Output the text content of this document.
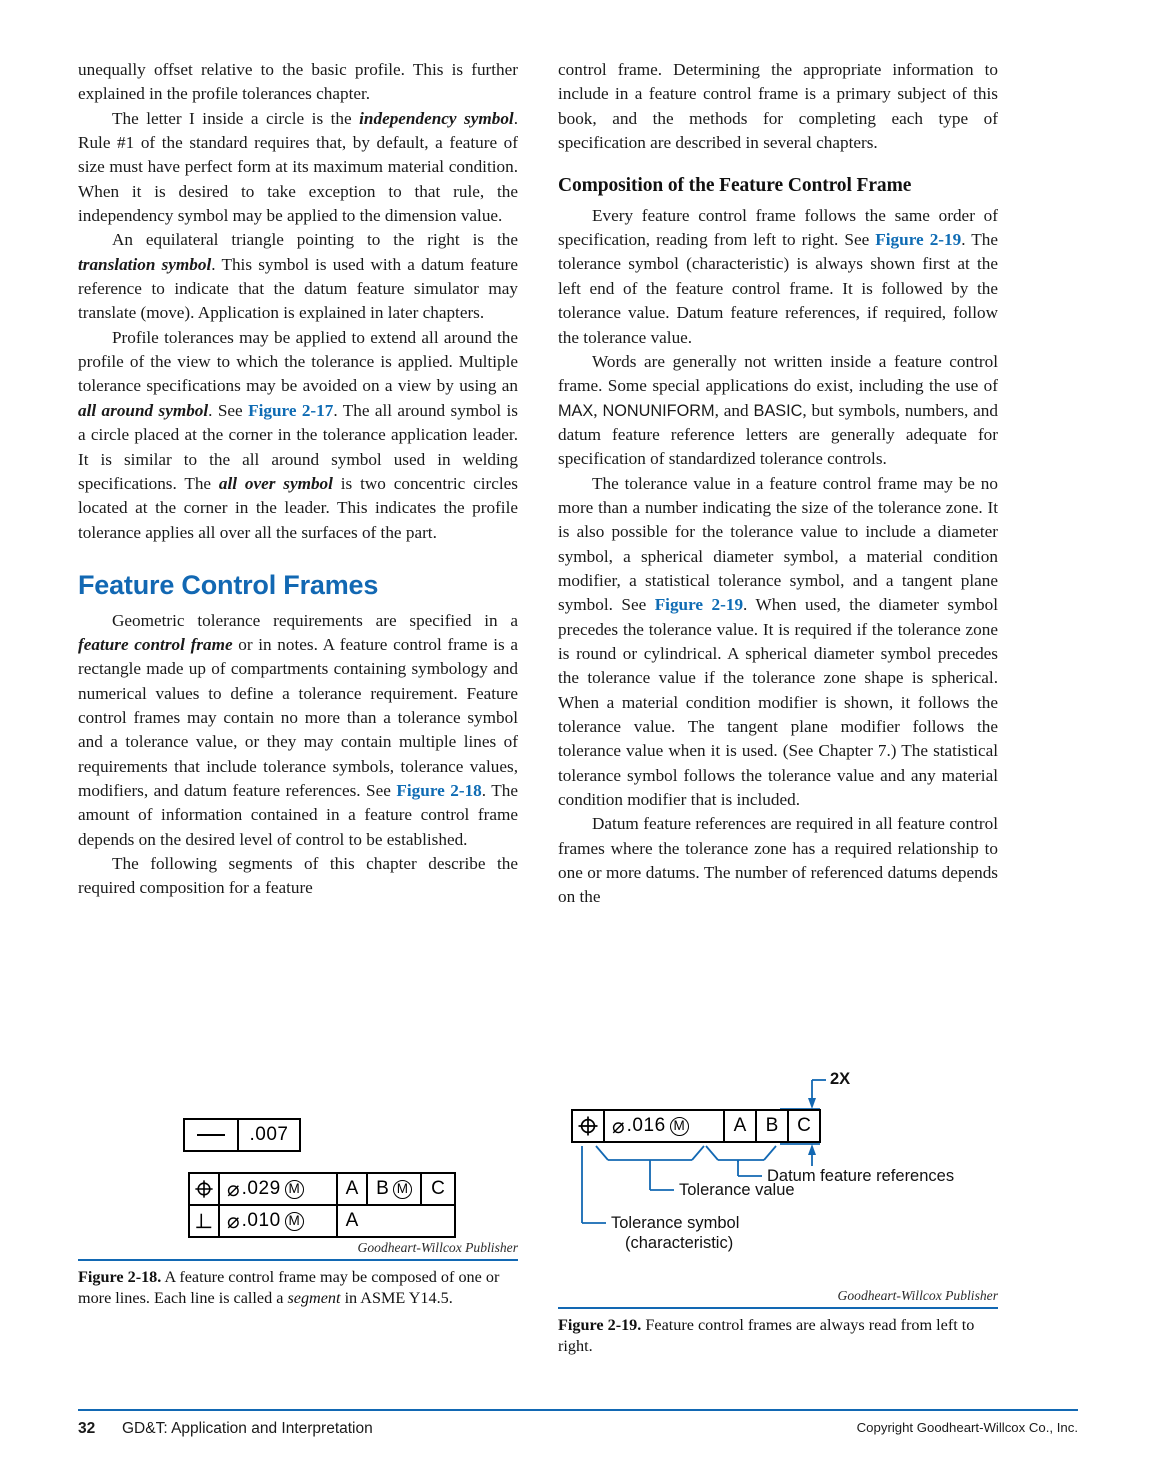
unequally offset relative to the basic profile. This is further explained in the profile tolerances chapter.

The letter I inside a circle is the independency symbol. Rule #1 of the standard requires that, by default, a feature of size must have perfect form at its maximum material condition. When it is desired to take exception to that rule, the independency symbol may be applied to the dimension value.

An equilateral triangle pointing to the right is the translation symbol. This symbol is used with a datum feature reference to indicate that the datum feature simulator may translate (move). Application is explained in later chapters.

Profile tolerances may be applied to extend all around the profile of the view to which the tolerance is applied. Multiple tolerance specifications may be avoided on a view by using an all around symbol. See Figure 2-17. The all around symbol is a circle placed at the corner in the tolerance application leader. It is similar to the all around symbol used in welding specifications. The all over symbol is two concentric circles located at the corner in the leader. This indicates the profile tolerance applies all over all the surfaces of the part.

Feature Control Frames

Geometric tolerance requirements are specified in a feature control frame or in notes. A feature control frame is a rectangle made up of compartments containing symbology and numerical values to define a tolerance requirement. Feature control frames may contain no more than a tolerance symbol and a tolerance value, or they may contain multiple lines of requirements that include tolerance symbols, tolerance values, modifiers, and datum feature references. See Figure 2-18. The amount of information contained in a feature control frame depends on the desired level of control to be established.

The following segments of this chapter describe the required composition for a feature

control frame. Determining the appropriate information to include in a feature control frame is a primary subject of this book, and the methods for completing each type of specification are described in several chapters.

Composition of the Feature Control Frame

Every feature control frame follows the same order of specification, reading from left to right. See Figure 2-19. The tolerance symbol (characteristic) is always shown first at the left end of the feature control frame. It is followed by the tolerance value. Datum feature references, if required, follow the tolerance value.

Words are generally not written inside a feature control frame. Some special applications do exist, including the use of MAX, NONUNIFORM, and BASIC, but symbols, numbers, and datum feature reference letters are generally adequate for specification of standardized tolerance controls.

The tolerance value in a feature control frame may be no more than a number indicating the size of the tolerance zone. It is also possible for the tolerance value to include a diameter symbol, a spherical diameter symbol, a material condition modifier, a statistical tolerance symbol, and a tangent plane symbol. See Figure 2-19. When used, the diameter symbol precedes the tolerance value. It is required if the tolerance zone is round or cylindrical. A spherical diameter symbol precedes the tolerance value if the tolerance zone shape is spherical. When a material condition modifier is shown, it follows the tolerance value. The tangent plane modifier follows the tolerance value when it is used. (See Chapter 7.) The statistical tolerance symbol follows the tolerance value and any material condition modifier that is included.

Datum feature references are required in all feature control frames where the tolerance zone has a required relationship to one or more datums. The number of referenced datums depends on the

.007
⌀ .029 M	A B M	C
⌀ .010 M	A
Goodheart-Willcox Publisher
Figure 2-18. A feature control frame may be composed of one or more lines. Each line is called a segment in ASME Y14.5.
⌀ .016 M	A	B C
2X
Datum feature references
Tolerance value
Tolerance symbol
(characteristic)
Goodheart-Willcox Publisher
Figure 2-19. Feature control frames are always read from left to right.
32 GD&T: Application and Interpretation	Copyright Goodheart-Willcox Co., Inc.
